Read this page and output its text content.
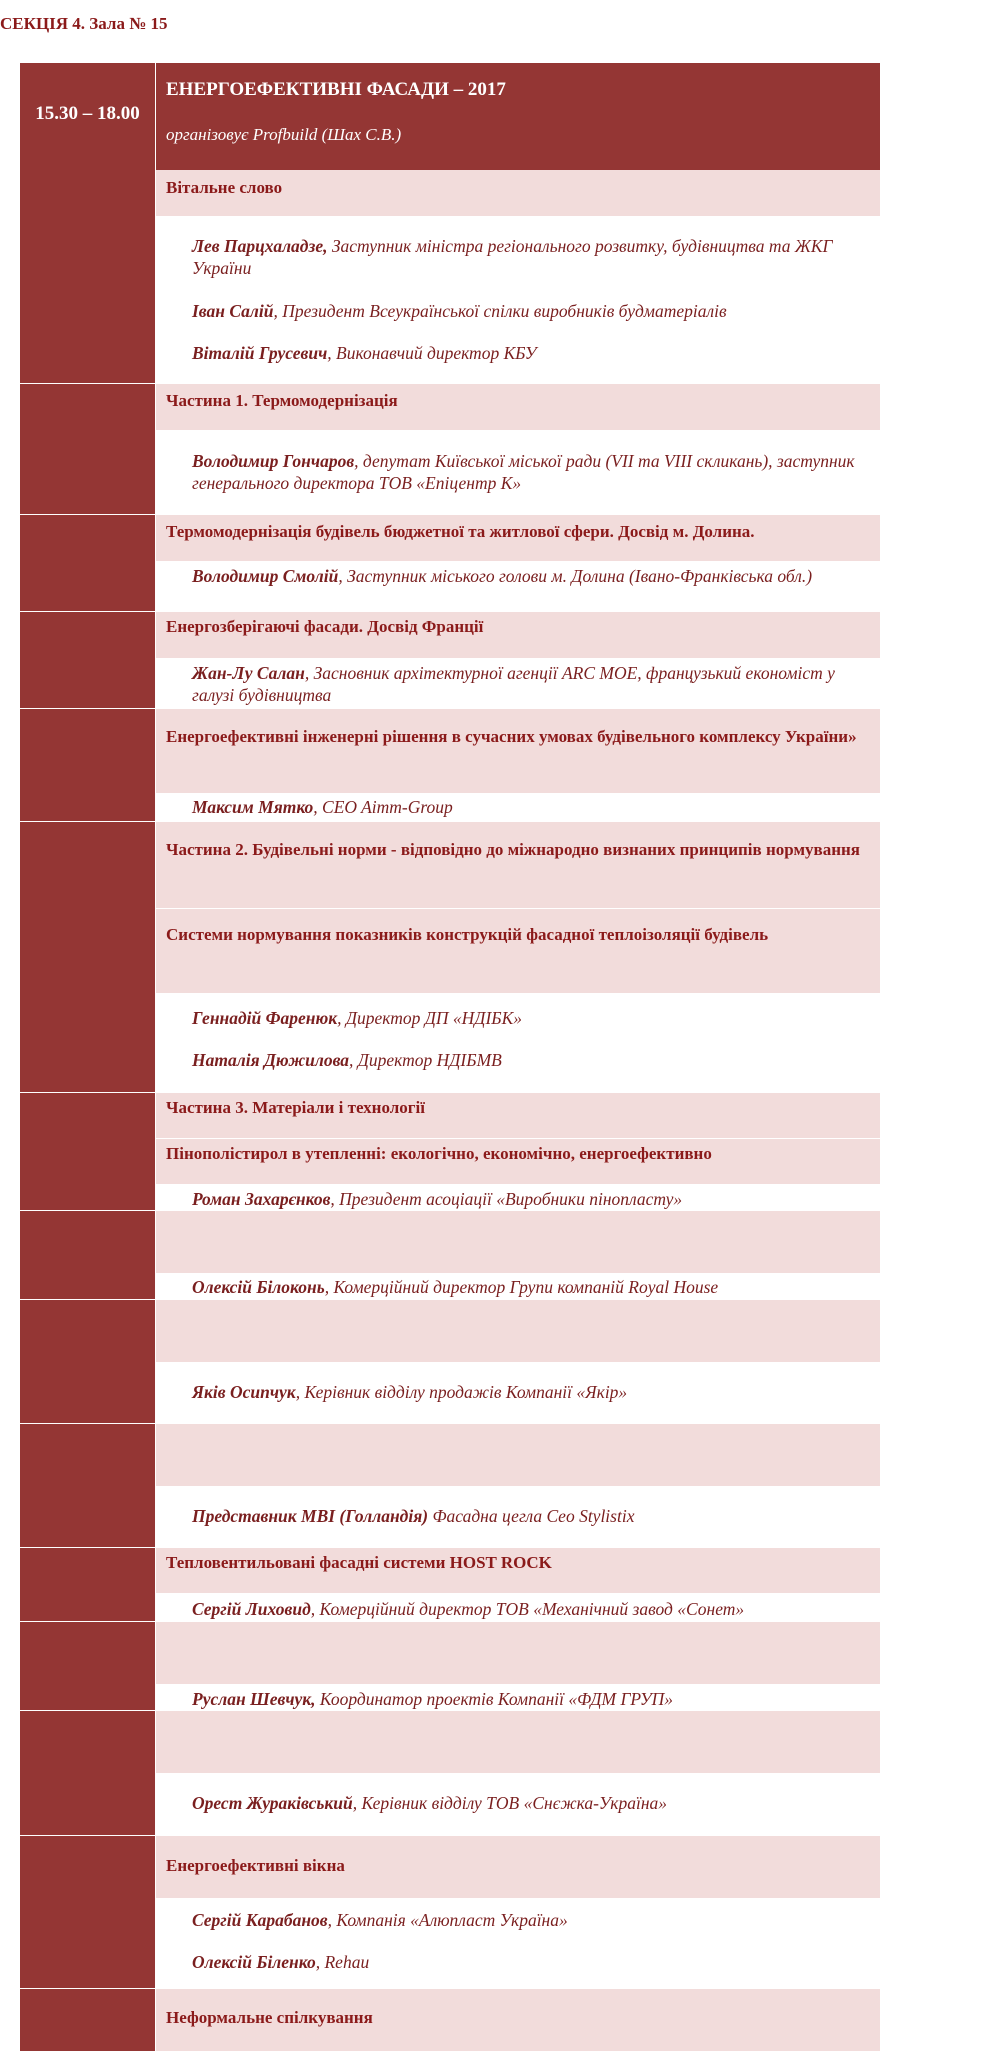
СЕКЦІЯ 4. Зала № 15
15.30 – 18.00
ЕНЕРГОЕФЕКТИВНІ ФАСАДИ – 2017
організовує Profbuild (Шах С.В.)
Вітальне слово
Лев Парцхаладзе, Заступник міністра регіонального розвитку, будівництва та ЖКГ України
Іван Салій, Президент Всеукраїнської спілки виробників будматеріалів
Віталій Грусевич, Виконавчий директор КБУ
Частина 1. Термомодернізація
Володимир Гончаров, депутат Київської міської ради (VII та VIII скликань), заступник генерального директора ТОВ «Епіцентр К»
Термомодернізація будівель бюджетної та житлової сфери. Досвід м. Долина.
Володимир Смолій, Заступник міського голови м. Долина (Івано-Франківська обл.)
Енергозберігаючі фасади. Досвід Франції
Жан-Лу Салан, Засновник архітектурної агенції ARC MOE, французький економіст у галузі будівництва
Енергоефективні інженерні рішення в сучасних умовах будівельного комплексу України»
Максим Мятко, CEO Aimm-Group
Частина 2. Будівельні норми - відповідно до міжнародно визнаних принципів нормування
Системи нормування показників конструкцій фасадної теплоізоляції будівель
Геннадій Фаренюк, Директор ДП «НДІБК»
Наталія Дюжилова, Директор НДІБМВ
Частина 3. Матеріали і технології
Пінополістирол в утепленні: екологічно, економічно, енергоефективно
Роман Захарєнков, Президент асоціації «Виробники пінопласту»
Олексій Білоконь, Комерційний директор Групи компаній Royal House
Яків Осипчук, Керівник відділу продажів Компанії «Якір»
Представник MBI (Голландія) Фасадна цегла Ceo Stylistix
Тепловентильовані фасадні системи HOST ROCK
Сергій Лиховид, Комерційний директор ТОВ «Механічний завод «Сонет»
Руслан Шевчук, Координатор проектів Компанії «ФДМ ГРУП»
Орест Жураківський, Керівник відділу ТОВ «Снєжка-Україна»
Енергоефективні вікна
Сергій Карабанов, Компанія «Алюпласт Україна»
Олексій Біленко, Rehau
Неформальне спілкування
